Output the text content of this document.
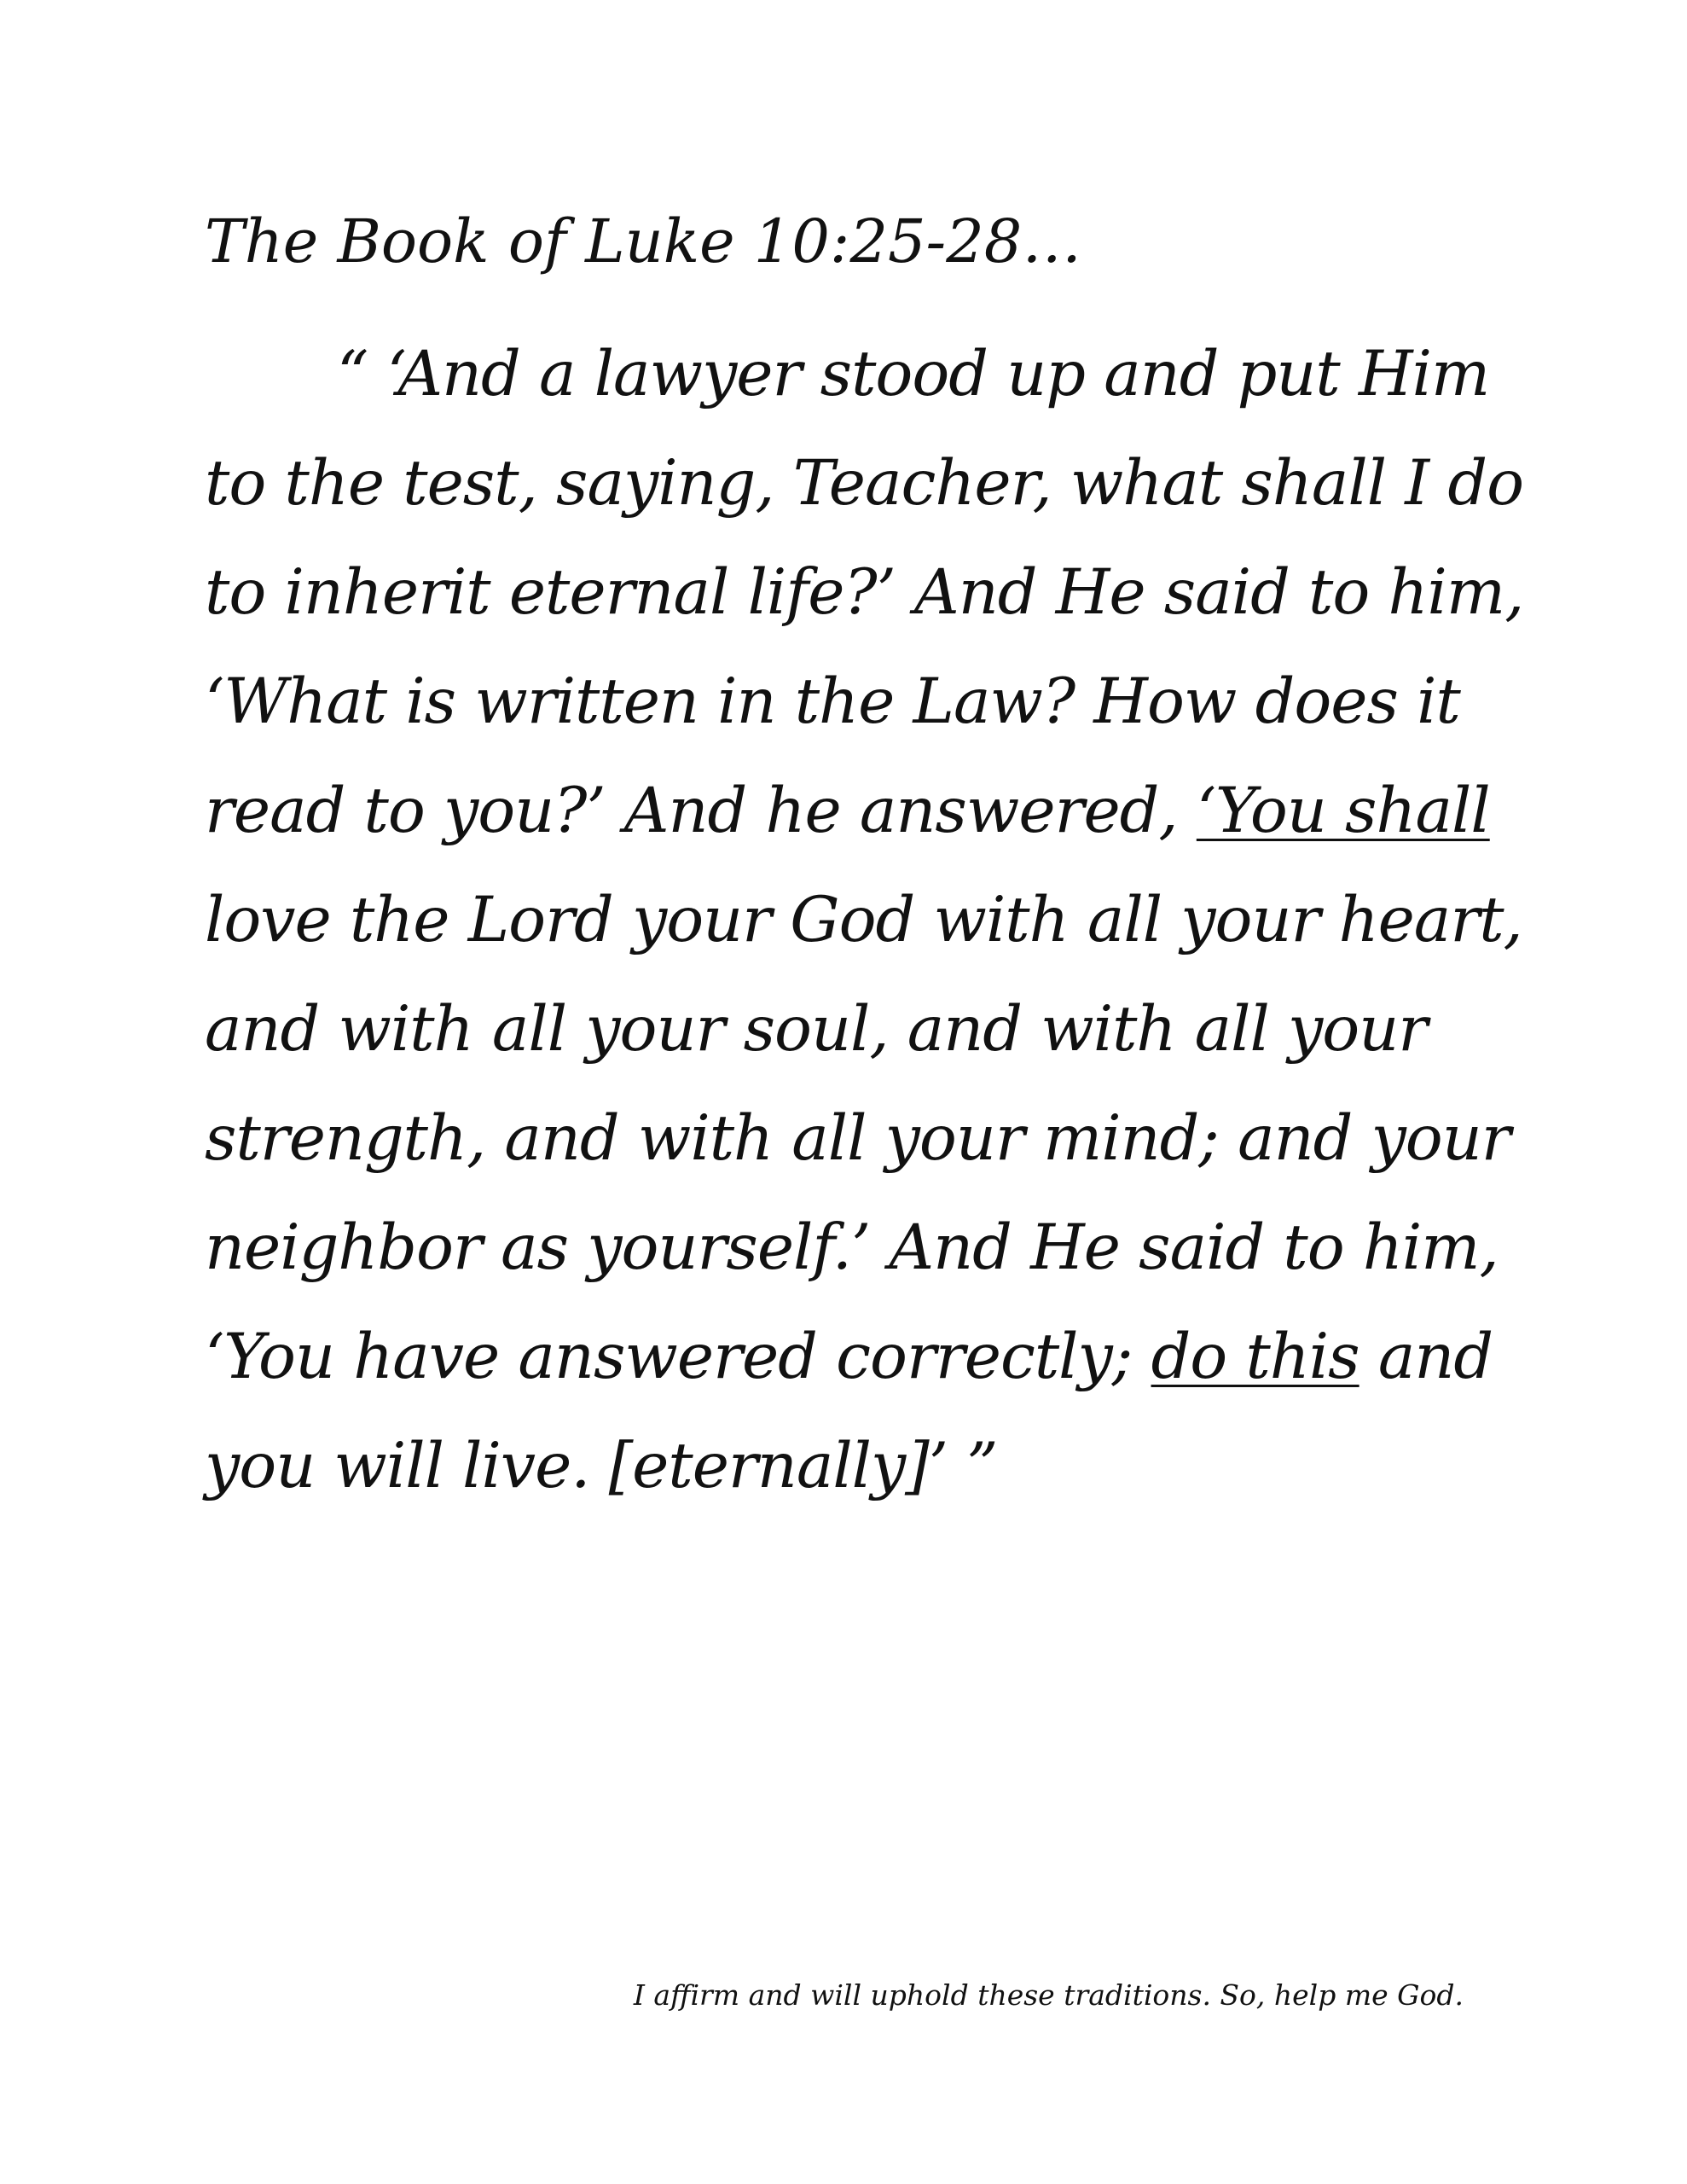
The Book of Luke 10:25-28…
“ ‘And a lawyer stood up and put Him
to the test, saying, Teacher, what shall I do
to inherit eternal life?’ And He said to him,
‘What is written in the Law? How does it
read to you?’ And he answered, ‘You shall
love the Lord your God with all your heart,
and with all your soul, and with all your
strength, and with all your mind; and your
neighbor as yourself.’ And He said to him,
‘You have answered correctly; do this and
you will live. [eternally]’ ”
I affirm and will uphold these traditions. So, help me God.
